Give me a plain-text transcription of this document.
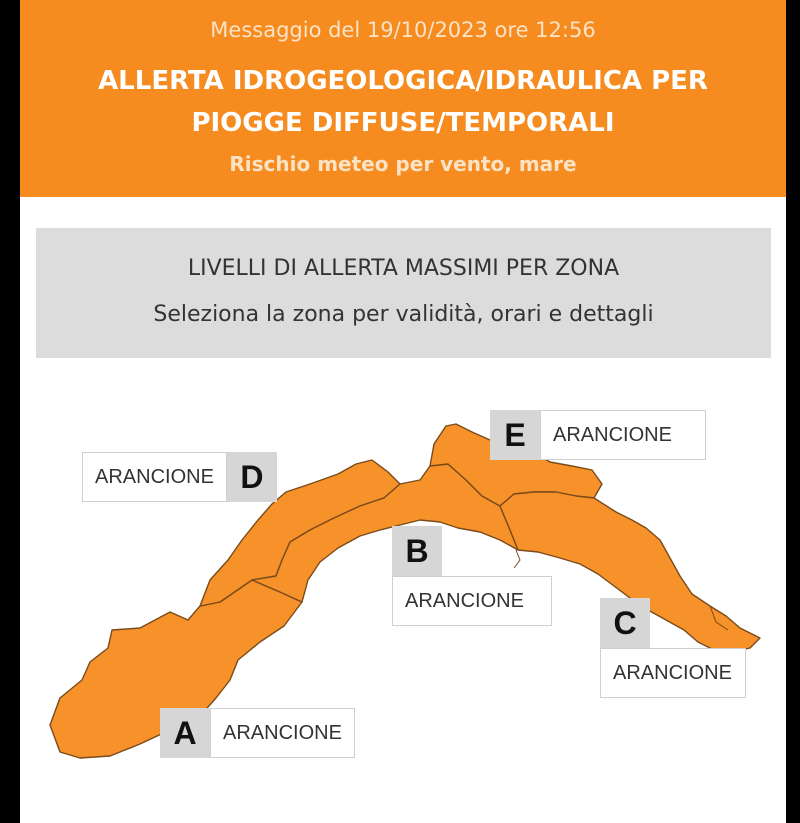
Messaggio del 19/10/2023 ore 12:56
ALLERTA IDROGEOLOGICA/IDRAULICA PER
PIOGGE DIFFUSE/TEMPORALI
Rischio meteo per vento, mare
LIVELLI DI ALLERTA MASSIMI PER ZONA
Seleziona la zona per validità, orari e dettagli
A	ARANCIONE
B
ARANCIONE
C
ARANCIONE
ARANCIONE D
E	ARANCIONE
